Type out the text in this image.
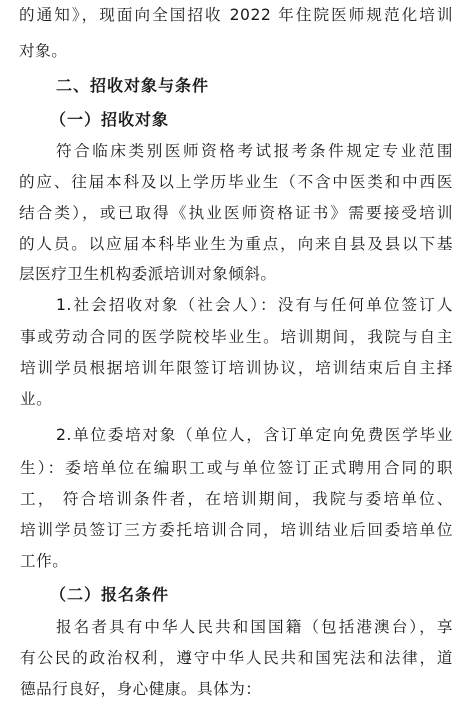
的通知》，现面向全国招收 2022 年住院医师规范化培训
对象。
二、招收对象与条件
（一）招收对象
符合临床类别医师资格考试报考条件规定专业范围
的应、往届本科及以上学历毕业生（不含中医类和中西医
结合类），或已取得《执业医师资格证书》需要接受培训
的人员。以应届本科毕业生为重点，向来自县及县以下基
层医疗卫生机构委派培训对象倾斜。
1.社会招收对象（社会人）：没有与任何单位签订人
事或劳动合同的医学院校毕业生。培训期间，我院与自主
培训学员根据培训年限签订培训协议，培训结束后自主择
业。
2.单位委培对象（单位人，含订单定向免费医学毕业
生）：委培单位在编职工或与单位签订正式聘用合同的职
工， 符合培训条件者，在培训期间，我院与委培单位、
培训学员签订三方委托培训合同，培训结业后回委培单位
工作。
（二）报名条件
报名者具有中华人民共和国国籍（包括港澳台），享
有公民的政治权利，遵守中华人民共和国宪法和法律，道
德品行良好，身心健康。具体为：
